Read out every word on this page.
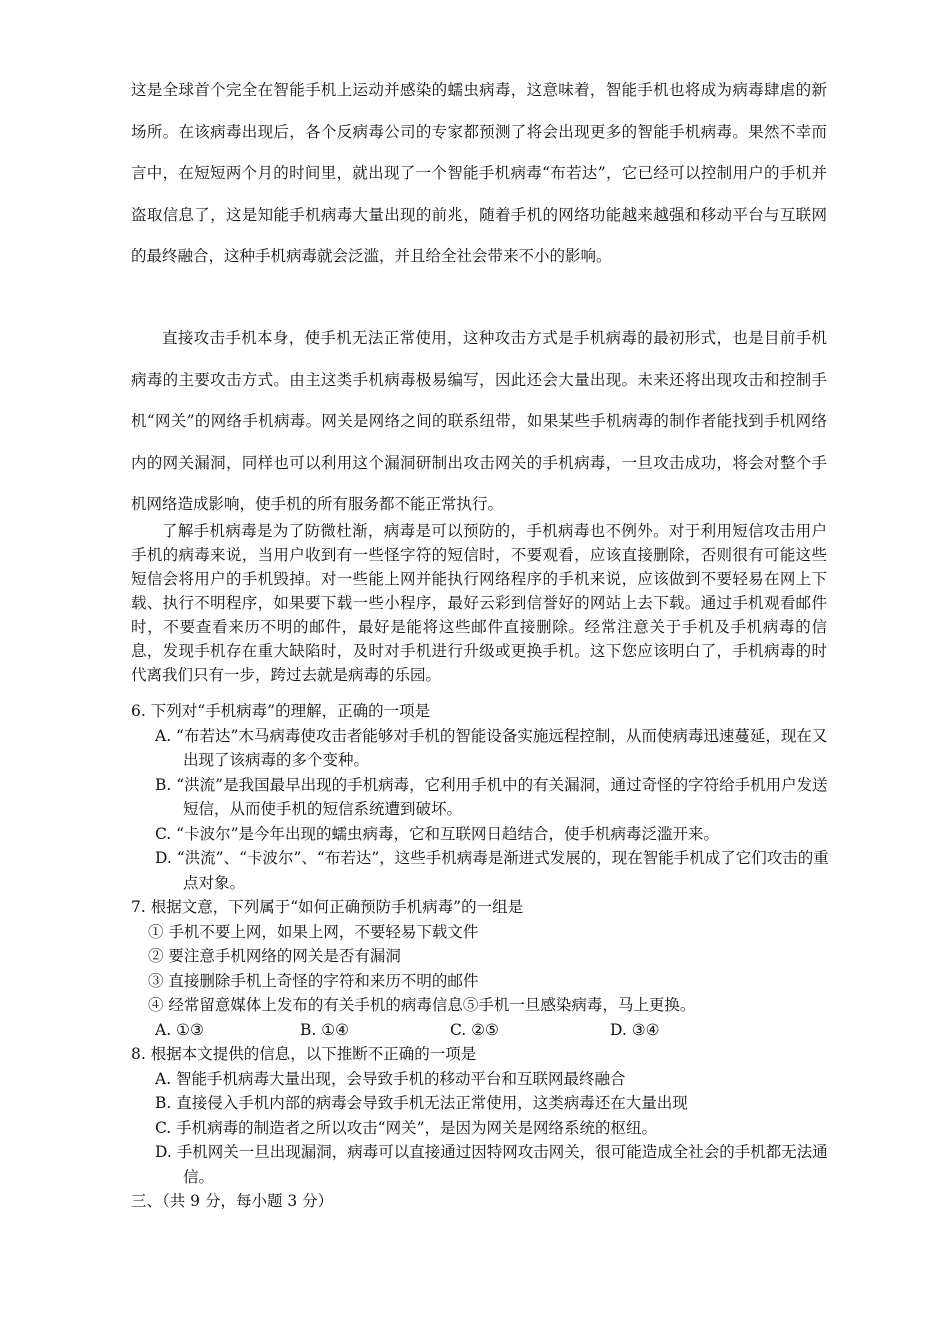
这是全球首个完全在智能手机上运动并感染的蠕虫病毒，这意味着，智能手机也将成为病毒肆虐的新场所。在该病毒出现后，各个反病毒公司的专家都预测了将会出现更多的智能手机病毒。果然不幸而言中，在短短两个月的时间里，就出现了一个智能手机病毒“布若达”，它已经可以控制用户的手机并盗取信息了，这是知能手机病毒大量出现的前兆，随着手机的网络功能越来越强和移动平台与互联网的最终融合，这种手机病毒就会泛滥，并且给全社会带来不小的影响。
直接攻击手机本身，使手机无法正常使用，这种攻击方式是手机病毒的最初形式，也是目前手机病毒的主要攻击方式。由主这类手机病毒极易编写，因此还会大量出现。未来还将出现攻击和控制手机“网关”的网络手机病毒。网关是网络之间的联系纽带，如果某些手机病毒的制作者能找到手机网络内的网关漏洞，同样也可以利用这个漏洞研制出攻击网关的手机病毒，一旦攻击成功，将会对整个手机网络造成影响，使手机的所有服务都不能正常执行。
了解手机病毒是为了防微杜渐，病毒是可以预防的，手机病毒也不例外。对于利用短信攻击用户手机的病毒来说，当用户收到有一些怪字符的短信时，不要观看，应该直接删除，否则很有可能这些短信会将用户的手机毁掉。对一些能上网并能执行网络程序的手机来说，应该做到不要轻易在网上下载、执行不明程序，如果要下载一些小程序，最好云彩到信誉好的网站上去下载。通过手机观看邮件时，不要查看来历不明的邮件，最好是能将这些邮件直接删除。经常注意关于手机及手机病毒的信息，发现手机存在重大缺陷时，及时对手机进行升级或更换手机。这下您应该明白了，手机病毒的时代离我们只有一步，跨过去就是病毒的乐园。
6. 下列对“手机病毒”的理解，正确的一项是
A. “布若达”木马病毒使攻击者能够对手机的智能设备实施远程控制，从而使病毒迅速蔓延，现在又出现了该病毒的多个变种。
B. “洪流”是我国最早出现的手机病毒，它利用手机中的有关漏洞，通过奇怪的字符给手机用户发送短信，从而使手机的短信系统遭到破坏。
C. “卡波尔”是今年出现的蠕虫病毒，它和互联网日趋结合，使手机病毒泛滥开来。
D. “洪流”、“卡波尔”、“布若达”，这些手机病毒是渐进式发展的，现在智能手机成了它们攻击的重点对象。
7. 根据文意，下列属于“如何正确预防手机病毒”的一组是
① 手机不要上网，如果上网，不要轻易下载文件
② 要注意手机网络的网关是否有漏洞
③ 直接删除手机上奇怪的字符和来历不明的邮件
④ 经常留意媒体上发布的有关手机的病毒信息⑤手机一旦感染病毒，马上更换。
A. ①③	B. ①④	C. ②⑤	D. ③④
8. 根据本文提供的信息，以下推断不正确的一项是
A. 智能手机病毒大量出现，会导致手机的移动平台和互联网最终融合
B. 直接侵入手机内部的病毒会导致手机无法正常使用，这类病毒还在大量出现
C. 手机病毒的制造者之所以攻击“网关”，是因为网关是网络系统的枢纽。
D. 手机网关一旦出现漏洞，病毒可以直接通过因特网攻击网关，很可能造成全社会的手机都无法通信。
三、（共 9 分，每小题 3 分）
